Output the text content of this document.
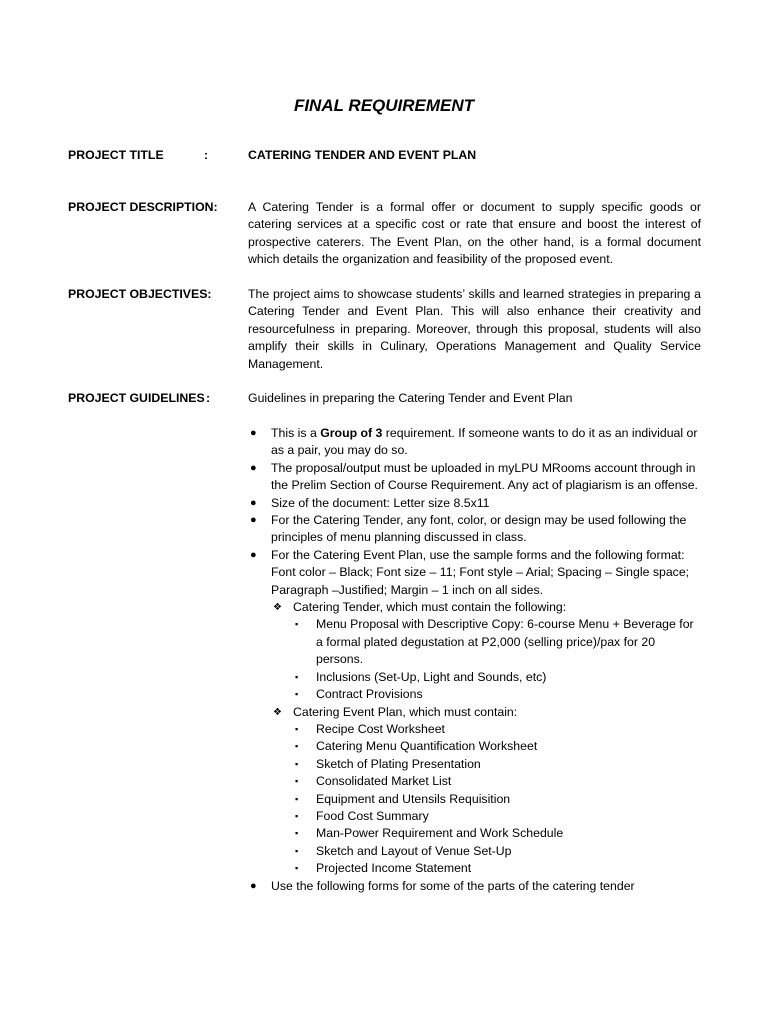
FINAL REQUIREMENT
PROJECT TITLE	:	CATERING TENDER AND EVENT PLAN
PROJECT DESCRIPTION: A Catering Tender is a formal offer or document to supply specific goods or catering services at a specific cost or rate that ensure and boost the interest of prospective caterers. The Event Plan, on the other hand, is a formal document which details the organization and feasibility of the proposed event.
PROJECT OBJECTIVES:	The project aims to showcase students’ skills and learned strategies in preparing a Catering Tender and Event Plan. This will also enhance their creativity and resourcefulness in preparing. Moreover, through this proposal, students will also amplify their skills in Culinary, Operations Management and Quality Service Management.
PROJECT GUIDELINES :	Guidelines in preparing the Catering Tender and Event Plan
● This is a Group of 3 requirement. If someone wants to do it as an individual or as a pair, you may do so.
● The proposal/output must be uploaded in myLPU MRooms account through in the Prelim Section of Course Requirement. Any act of plagiarism is an offense.
● Size of the document: Letter size 8.5x11
● For the Catering Tender, any font, color, or design may be used following the principles of menu planning discussed in class.
● For the Catering Event Plan, use the sample forms and the following format: Font color – Black; Font size – 11; Font style – Arial; Spacing – Single space; Paragraph –Justified; Margin – 1 inch on all sides.
❖ Catering Tender, which must contain the following:
▪ Menu Proposal with Descriptive Copy: 6-course Menu + Beverage for a formal plated degustation at P2,000 (selling price)/pax for 20 persons.
▪ Inclusions (Set-Up, Light and Sounds, etc)
▪ Contract Provisions
❖ Catering Event Plan, which must contain:
▪ Recipe Cost Worksheet
▪ Catering Menu Quantification Worksheet
▪ Sketch of Plating Presentation
▪ Consolidated Market List
▪ Equipment and Utensils Requisition
▪ Food Cost Summary
▪ Man-Power Requirement and Work Schedule
▪ Sketch and Layout of Venue Set-Up
▪ Projected Income Statement
● Use the following forms for some of the parts of the catering tender
